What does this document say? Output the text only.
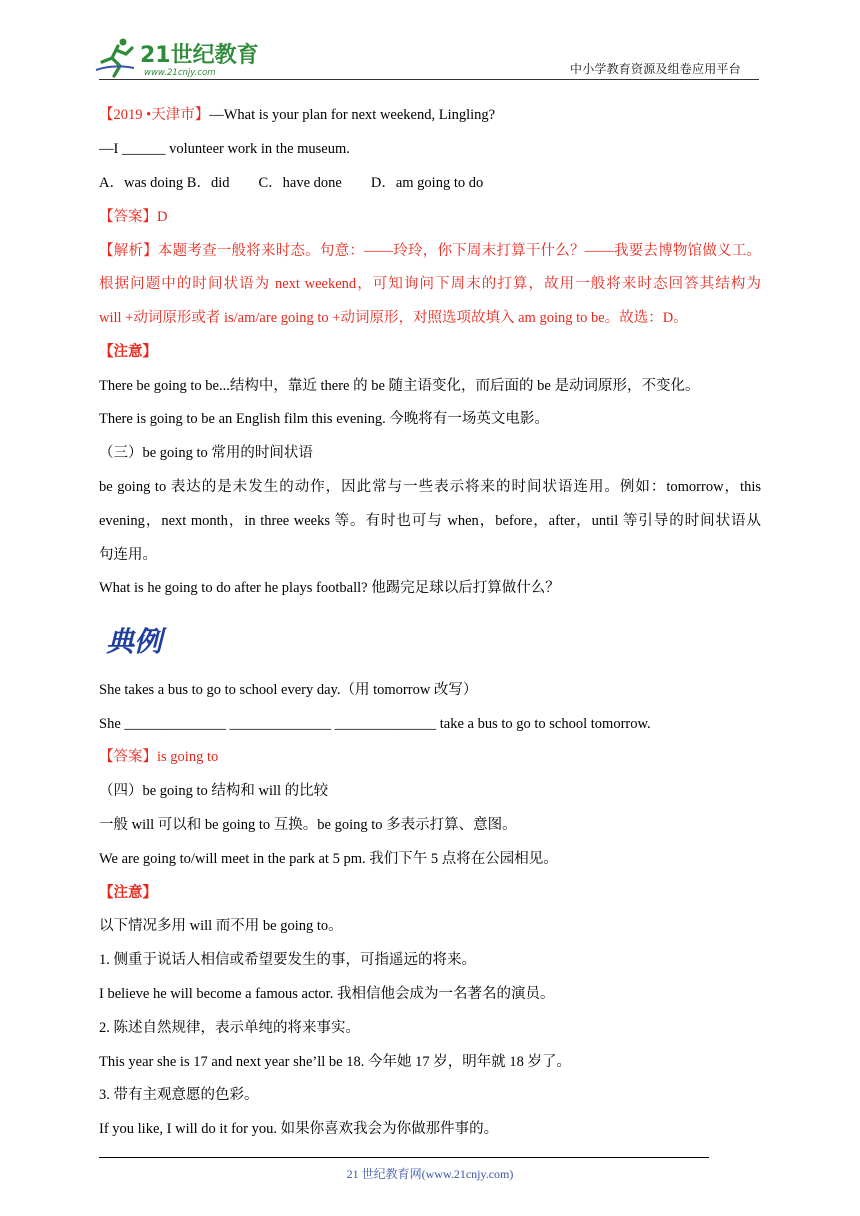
21世纪教育
www.21cnjy.com	中小学教育资源及组卷应用平台
【2019 •天津市】—What is your plan for next weekend, Lingling?
—I ______ volunteer work in the museum.
A．was doing B．did　　C．have done　　D．am going to do
【答案】D
【解析】本题考查一般将来时态。句意：——玲玲，你下周末打算干什么？——我要去博物馆做义工。
根据问题中的时间状语为 next weekend，可知询问下周末的打算，故用一般将来时态回答其结构为
will +动词原形或者 is/am/are going to +动词原形，对照选项故填入 am going to be。故选：D。
【注意】
There be going to be...结构中，靠近 there 的 be 随主语变化，而后面的 be 是动词原形，不变化。
There is going to be an English film this evening. 今晚将有一场英文电影。
（三）be going to 常用的时间状语
be going to 表达的是未发生的动作，因此常与一些表示将来的时间状语连用。例如：tomorrow，this
evening，next month，in three weeks 等。有时也可与 when，before，after，until 等引导的时间状语从
句连用。
What is he going to do after he plays football? 他踢完足球以后打算做什么？
典例
She takes a bus to go to school every day.（用 tomorrow 改写）
She ______________ ______________ ______________ take a bus to go to school tomorrow.
【答案】is going to
（四）be going to 结构和 will 的比较
一般 will 可以和 be going to 互换。be going to 多表示打算、意图。
We are going to/will meet in the park at 5 pm. 我们下午 5 点将在公园相见。
【注意】
以下情况多用 will 而不用 be going to。
1. 侧重于说话人相信或希望要发生的事，可指遥远的将来。
I believe he will become a famous actor. 我相信他会成为一名著名的演员。
2. 陈述自然规律，表示单纯的将来事实。
This year she is 17 and next year she’ll be 18. 今年她 17 岁，明年就 18 岁了。
3. 带有主观意愿的色彩。
If you like, I will do it for you. 如果你喜欢我会为你做那件事的。
21 世纪教育网(www.21cnjy.com)
